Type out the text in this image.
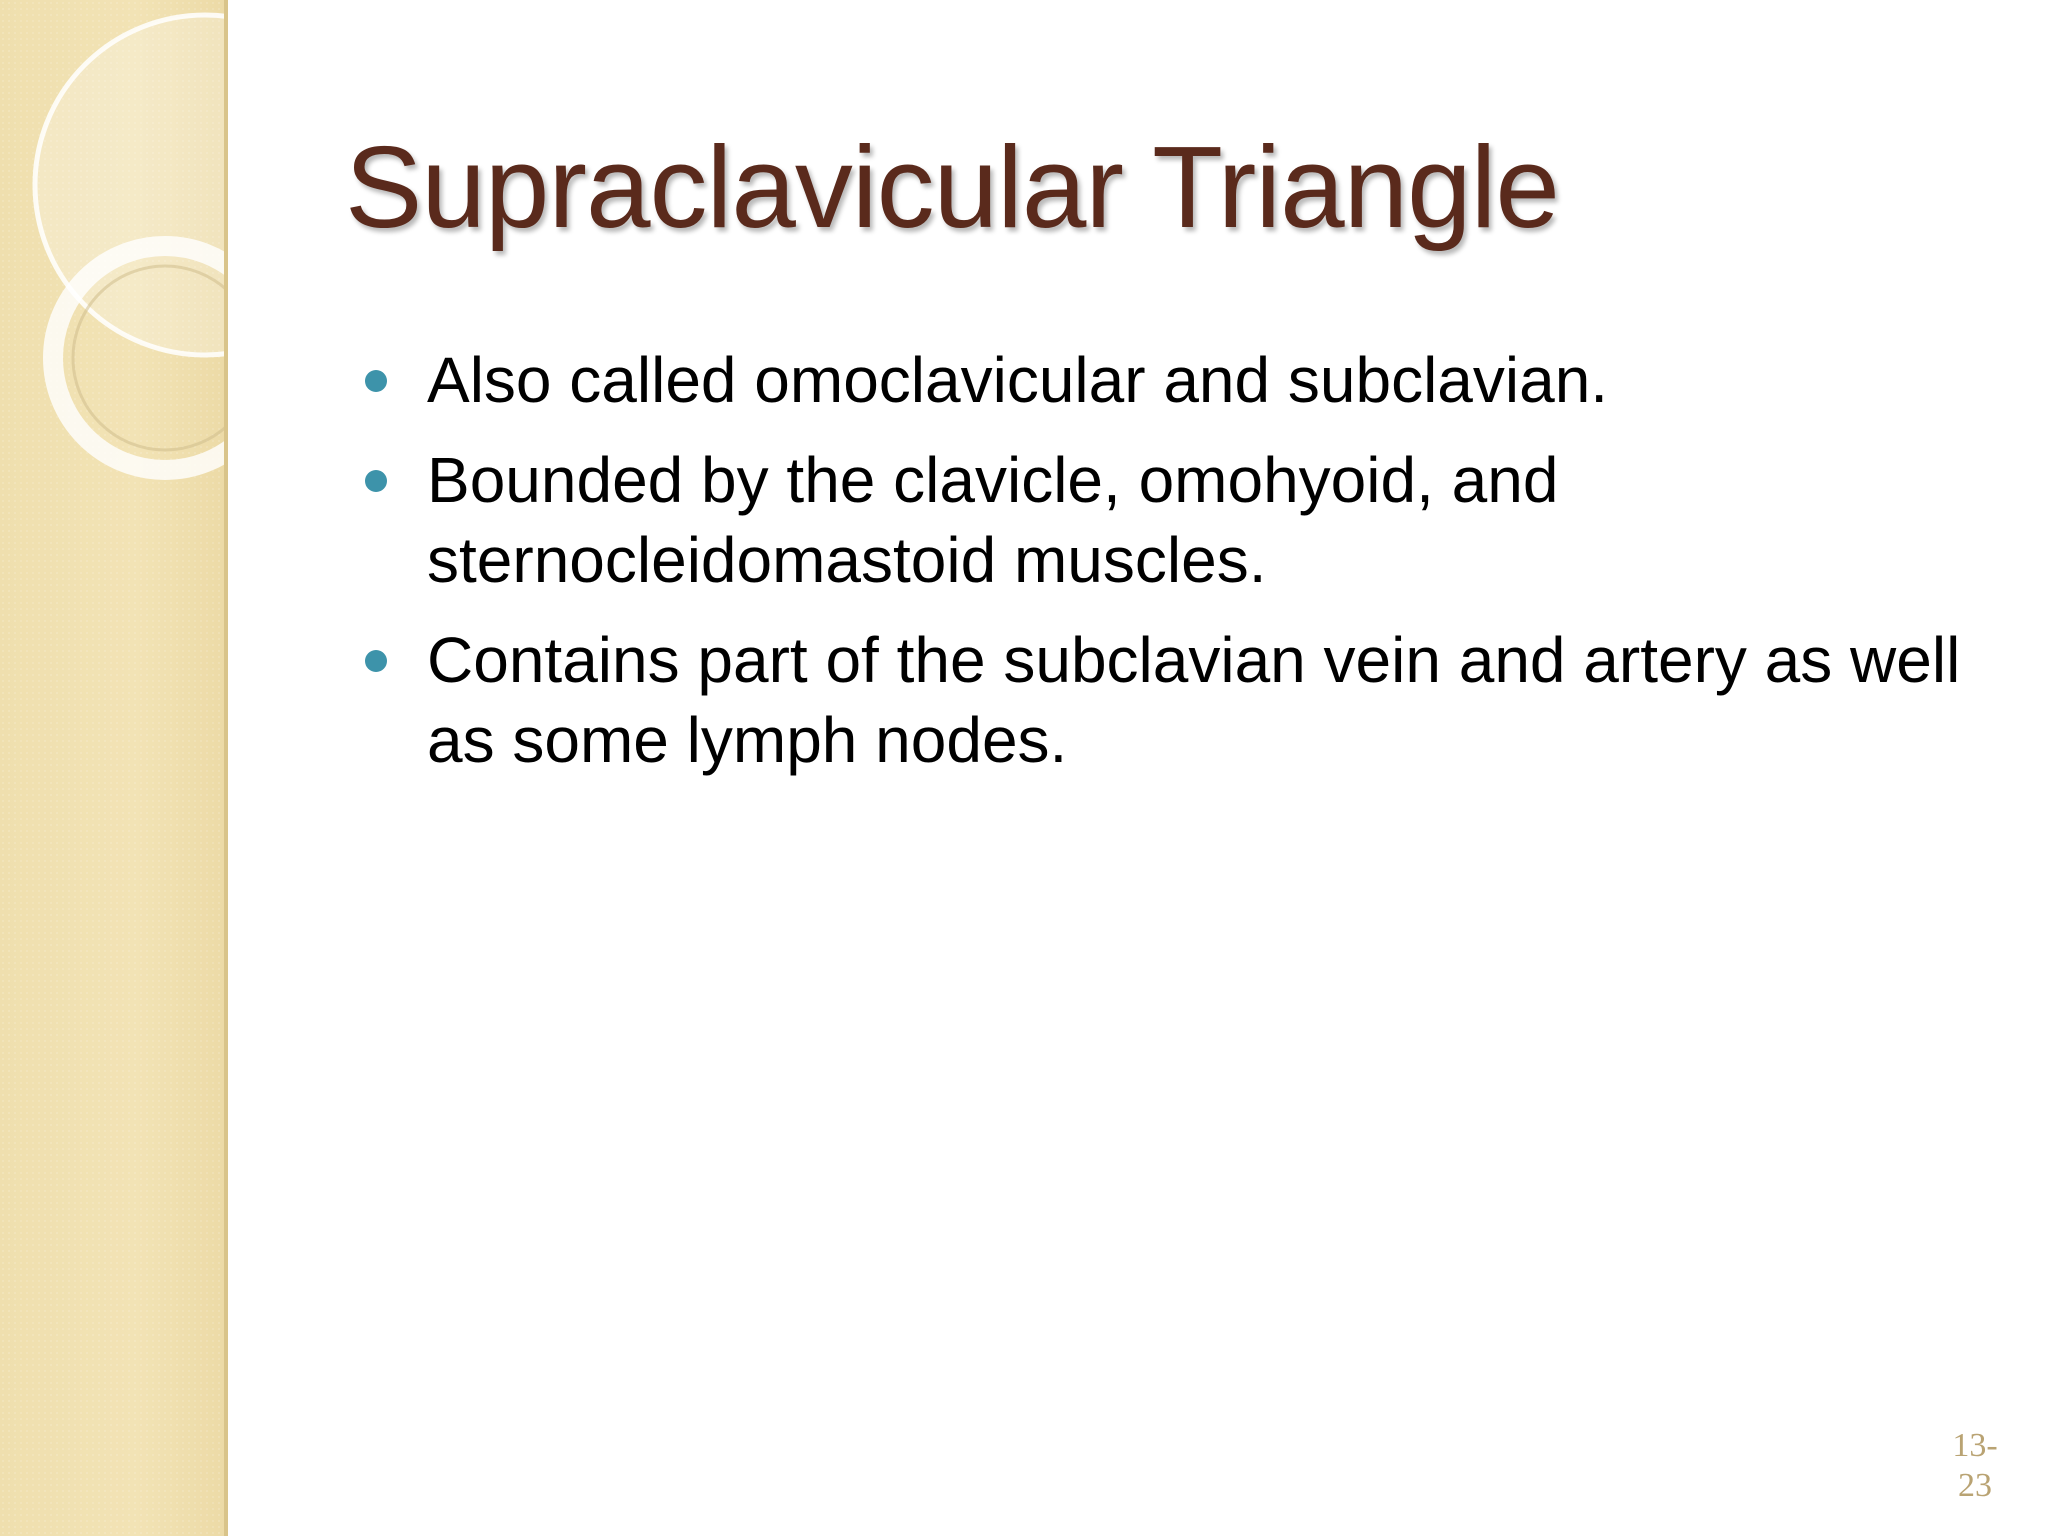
Supraclavicular Triangle
Also called omoclavicular and subclavian.
Bounded by the clavicle, omohyoid, and sternocleidomastoid muscles.
Contains part of the subclavian vein and artery as well as some lymph nodes.
13-
23
